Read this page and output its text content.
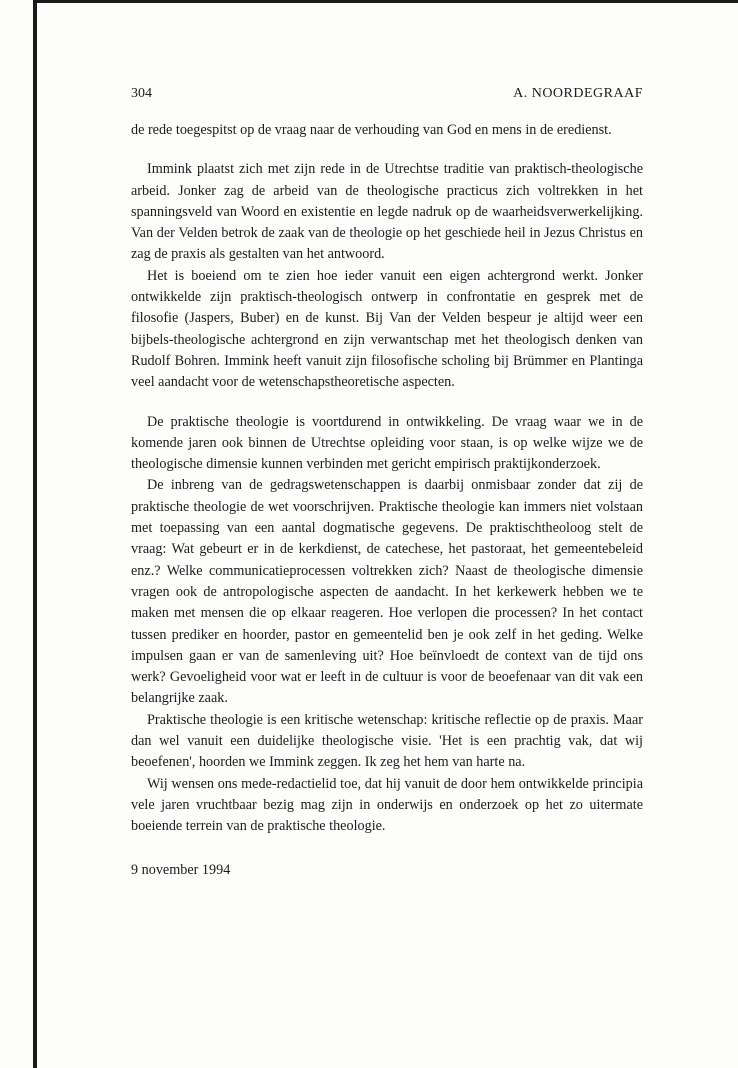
304	A. NOORDEGRAAF

de rede toegespitst op de vraag naar de verhouding van God en mens in de eredienst.

Immink plaatst zich met zijn rede in de Utrechtse traditie van praktisch-theologische arbeid. Jonker zag de arbeid van de theologische practicus zich voltrekken in het spanningsveld van Woord en existentie en legde nadruk op de waarheidsverwerkelijking. Van der Velden betrok de zaak van de theologie op het geschiede heil in Jezus Christus en zag de praxis als gestalten van het antwoord.

Het is boeiend om te zien hoe ieder vanuit een eigen achtergrond werkt. Jonker ontwikkelde zijn praktisch-theologisch ontwerp in confrontatie en gesprek met de filosofie (Jaspers, Buber) en de kunst. Bij Van der Velden bespeur je altijd weer een bijbels-theologische achtergrond en zijn verwantschap met het theologisch denken van Rudolf Bohren. Immink heeft vanuit zijn filosofische scholing bij Brümmer en Plantinga veel aandacht voor de wetenschapstheoretische aspecten.

De praktische theologie is voortdurend in ontwikkeling. De vraag waar we in de komende jaren ook binnen de Utrechtse opleiding voor staan, is op welke wijze we de theologische dimensie kunnen verbinden met gericht empirisch praktijkonderzoek.

De inbreng van de gedragswetenschappen is daarbij onmisbaar zonder dat zij de praktische theologie de wet voorschrijven. Praktische theologie kan immers niet volstaan met toepassing van een aantal dogmatische gegevens. De praktischtheoloog stelt de vraag: Wat gebeurt er in de kerkdienst, de catechese, het pastoraat, het gemeentebeleid enz.? Welke communicatieprocessen voltrekken zich? Naast de theologische dimensie vragen ook de antropologische aspecten de aandacht. In het kerkewerk hebben we te maken met mensen die op elkaar reageren. Hoe verlopen die processen? In het contact tussen prediker en hoorder, pastor en gemeentelid ben je ook zelf in het geding. Welke impulsen gaan er van de samenleving uit? Hoe beïnvloedt de context van de tijd ons werk? Gevoeligheid voor wat er leeft in de cultuur is voor de beoefenaar van dit vak een belangrijke zaak.

Praktische theologie is een kritische wetenschap: kritische reflectie op de praxis. Maar dan wel vanuit een duidelijke theologische visie. 'Het is een prachtig vak, dat wij beoefenen', hoorden we Immink zeggen. Ik zeg het hem van harte na.

Wij wensen ons mede-redactielid toe, dat hij vanuit de door hem ontwikkelde principia vele jaren vruchtbaar bezig mag zijn in onderwijs en onderzoek op het zo uitermate boeiende terrein van de praktische theologie.

9 november 1994
